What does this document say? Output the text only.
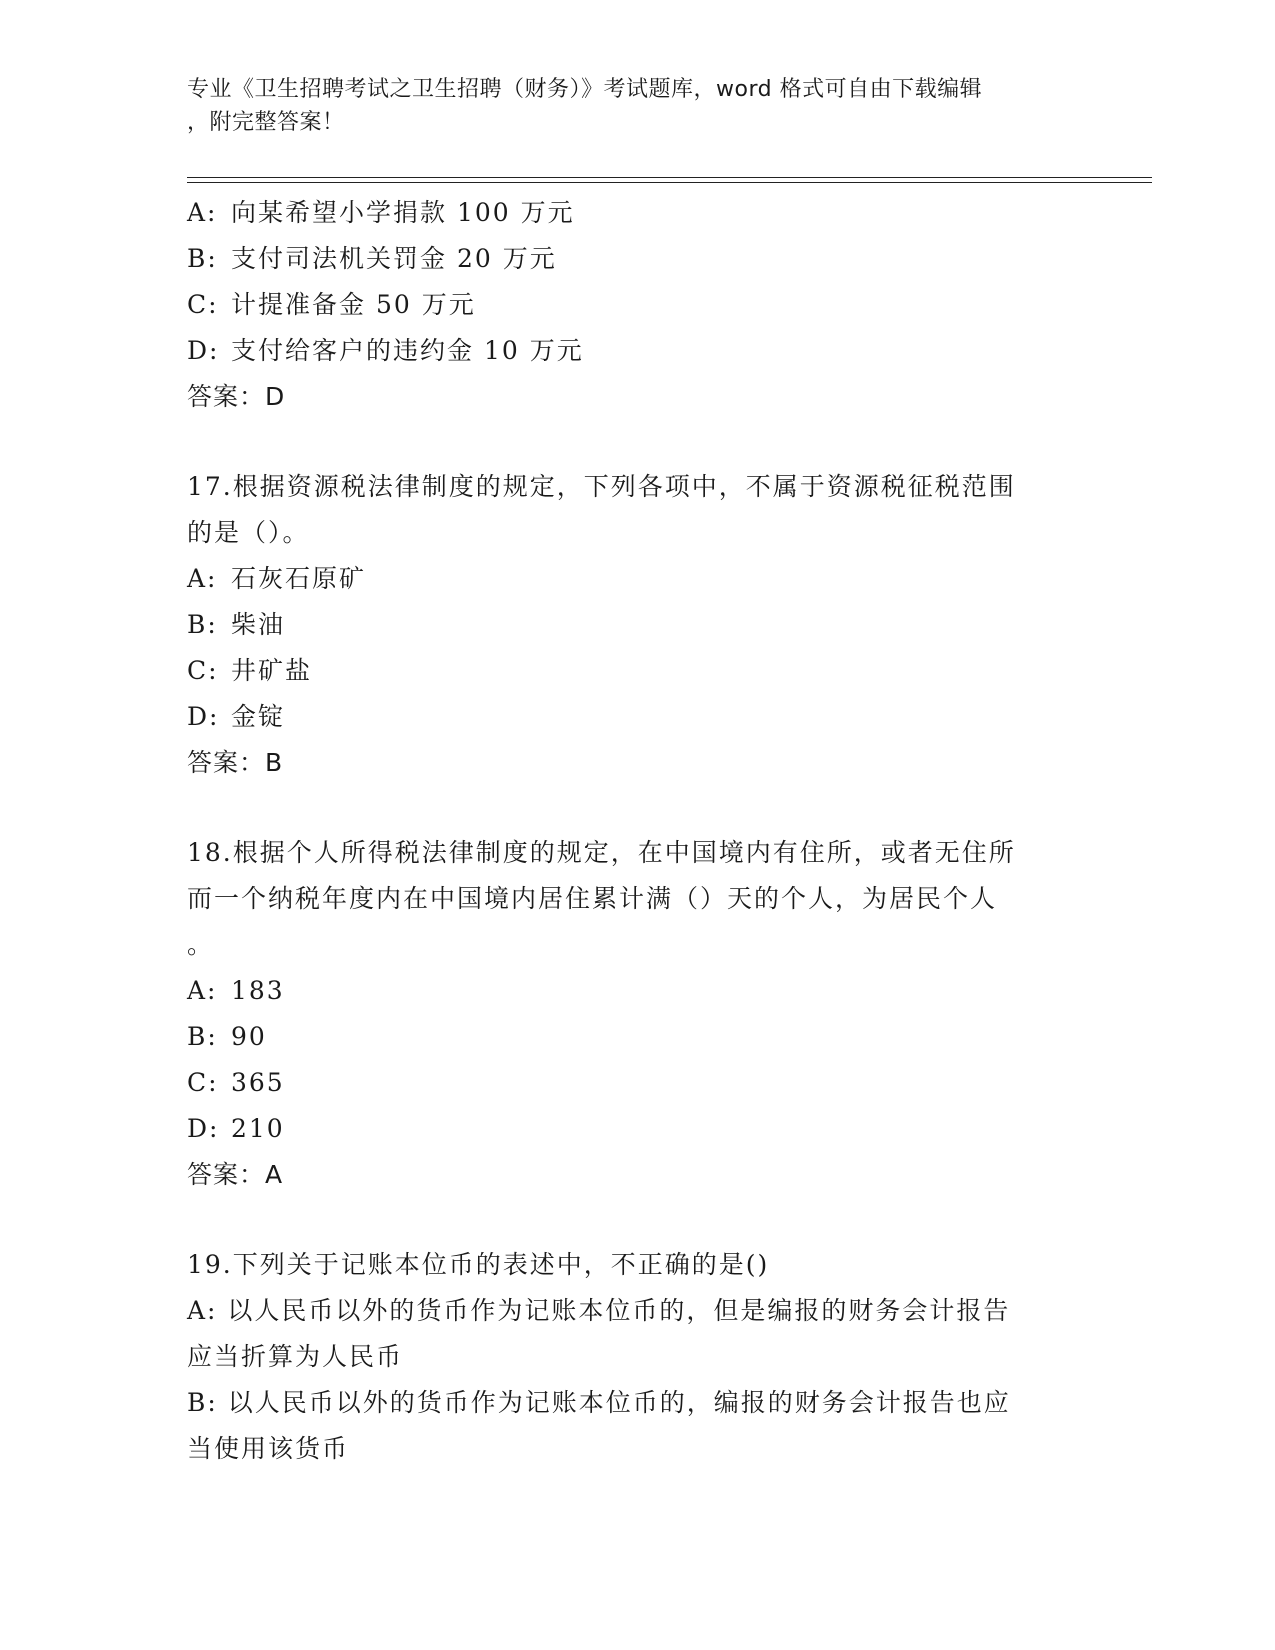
专业《卫生招聘考试之卫生招聘（财务）》考试题库，word 格式可自由下载编辑
，附完整答案！
A: 向某希望小学捐款 100 万元
B: 支付司法机关罚金 20 万元
C: 计提准备金 50 万元
D: 支付给客户的违约金 10 万元
答案：D
17.根据资源税法律制度的规定，下列各项中，不属于资源税征税范围
的是（）。
A: 石灰石原矿
B: 柴油
C: 井矿盐
D: 金锭
答案：B
18.根据个人所得税法律制度的规定，在中国境内有住所，或者无住所
而一个纳税年度内在中国境内居住累计满（）天的个人，为居民个人
。
A: 183
B: 90
C: 365
D: 210
答案：A
19.下列关于记账本位币的表述中，不正确的是()
A: 以人民币以外的货币作为记账本位币的，但是编报的财务会计报告
应当折算为人民币
B: 以人民币以外的货币作为记账本位币的，编报的财务会计报告也应
当使用该货币
